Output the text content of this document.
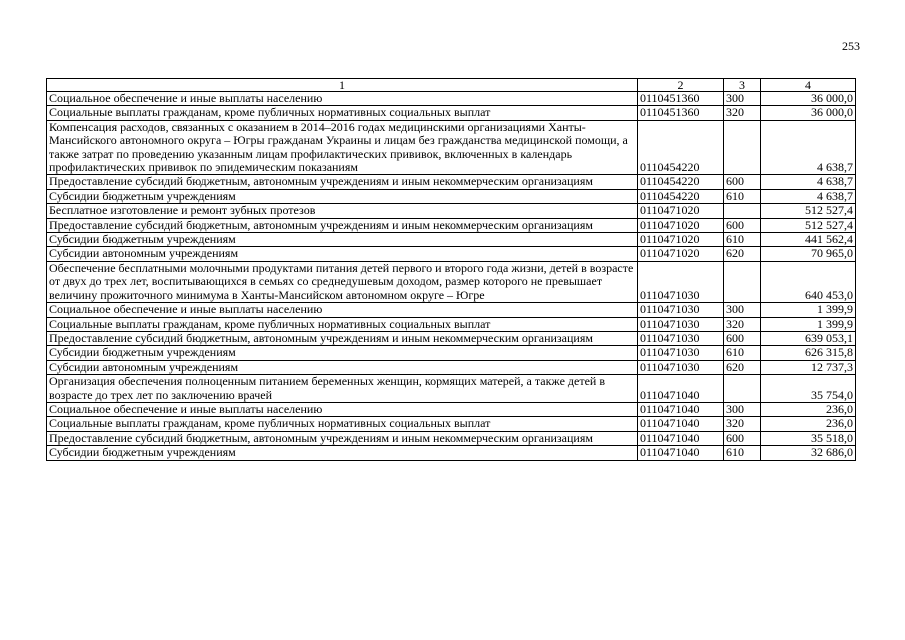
253
1	2	3	4
Социальное обеспечение и иные выплаты населению	0110451360	300	36 000,0
Социальные выплаты гражданам, кроме публичных нормативных социальных выплат	0110451360	320	36 000,0
Компенсация расходов, связанных с оказанием в 2014–2016 годах медицинскими организациями Ханты-Мансийского автономного округа – Югры гражданам Украины и лицам без гражданства медицинской помощи, а также затрат по проведению указанным лицам профилактических прививок, включенных в календарь профилактических прививок по эпидемическим показаниям	0110454220		4 638,7
Предоставление субсидий бюджетным, автономным учреждениям и иным некоммерческим организациям	0110454220	600	4 638,7
Субсидии бюджетным учреждениям	0110454220	610	4 638,7
Бесплатное изготовление и ремонт зубных протезов	0110471020		512 527,4
Предоставление субсидий бюджетным, автономным учреждениям и иным некоммерческим организациям	0110471020	600	512 527,4
Субсидии бюджетным учреждениям	0110471020	610	441 562,4
Субсидии автономным учреждениям	0110471020	620	70 965,0
Обеспечение бесплатными молочными продуктами питания детей первого и второго года жизни, детей в возрасте от двух до трех лет, воспитывающихся в семьях со среднедушевым доходом, размер которого не превышает величину прожиточного минимума в Ханты-Мансийском автономном округе – Югре	0110471030		640 453,0
Социальное обеспечение и иные выплаты населению	0110471030	300	1 399,9
Социальные выплаты гражданам, кроме публичных нормативных социальных выплат	0110471030	320	1 399,9
Предоставление субсидий бюджетным, автономным учреждениям и иным некоммерческим организациям	0110471030	600	639 053,1
Субсидии бюджетным учреждениям	0110471030	610	626 315,8
Субсидии автономным учреждениям	0110471030	620	12 737,3
Организация обеспечения полноценным питанием беременных женщин, кормящих матерей, а также детей в возрасте до трех лет по заключению врачей	0110471040		35 754,0
Социальное обеспечение и иные выплаты населению	0110471040	300	236,0
Социальные выплаты гражданам, кроме публичных нормативных социальных выплат	0110471040	320	236,0
Предоставление субсидий бюджетным, автономным учреждениям и иным некоммерческим организациям	0110471040	600	35 518,0
Субсидии бюджетным учреждениям	0110471040	610	32 686,0
